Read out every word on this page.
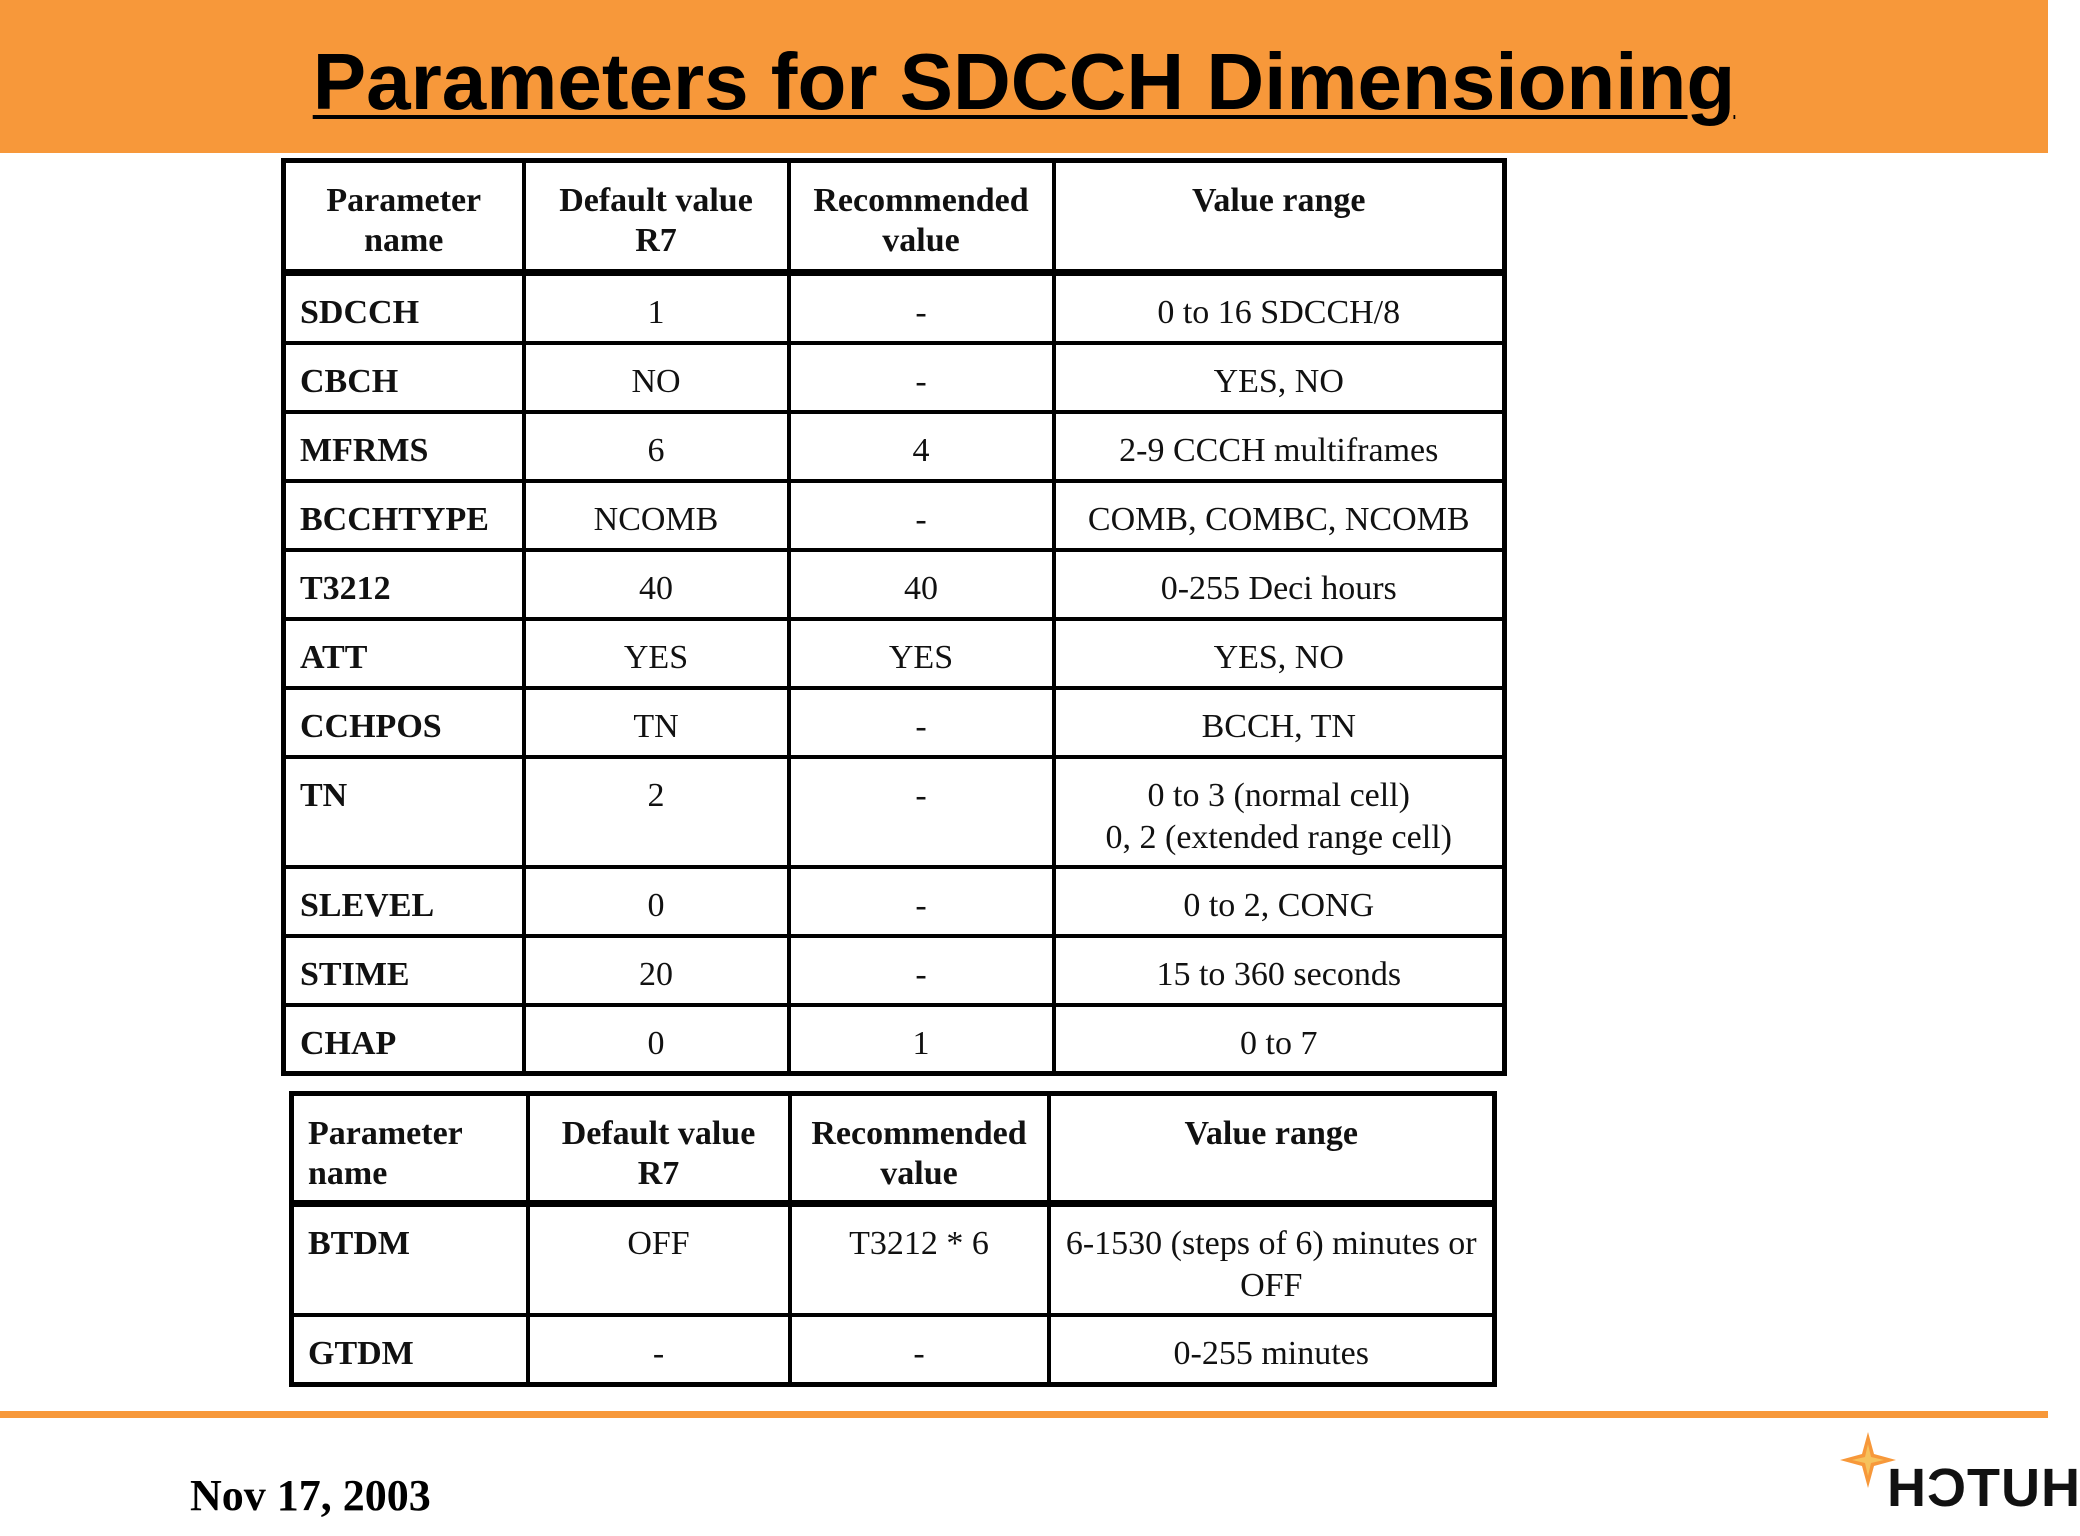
Parameters for SDCCH Dimensioning
Parameter name	Default value R7	Recommended value	Value range
SDCCH	1	-	0 to 16 SDCCH/8
CBCH	NO	-	YES, NO
MFRMS	6	4	2-9 CCCH multiframes
BCCHTYPE	NCOMB	-	COMB, COMBC, NCOMB
T3212	40	40	0-255 Deci hours
ATT	YES	YES	YES, NO
CCHPOS	TN	-	BCCH, TN
TN	2	-	0 to 3 (normal cell)
0, 2 (extended range cell)
SLEVEL	0	-	0 to 2, CONG
STIME	20	-	15 to 360 seconds
CHAP	0	1	0 to 7
Parameter name	Default value R7	Recommended value	Value range
BTDM	OFF	T3212 * 6	6-1530 (steps of 6) minutes or OFF
GTDM	-	-	0-255 minutes
Nov 17, 2003	HUTCH
